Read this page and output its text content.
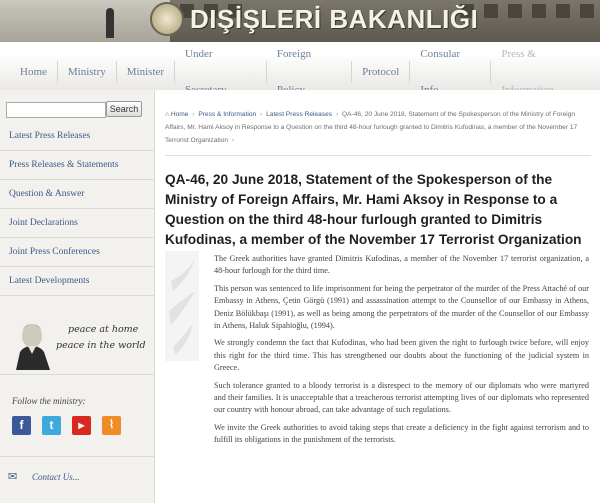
DIŞİŞLERİ BAKANLIĞI
Home	Ministry	Minister
Under	Foreign
Protocol
Consular	Press &
Search
Latest Press Releases
Press Releases & Statements
Question & Answer
Joint Declarations
Joint Press Conferences
Latest Developments
peace at home
peace in the world
Follow the ministry:
f	t	▶	⌇
✉ Contact Us...
⌂ Home › Press & Information › Latest Press Releases › QA-46, 20 June 2018, Statement of the Spokesperson of the Ministry of Foreign Affairs, Mr. Hami Aksoy in Response to a Question on the third 48-hour furlough granted to Dimitris Kufodinas, a member of the November 17 Terrorist Organization ›
QA-46, 20 June 2018, Statement of the Spokesperson of the Ministry of Foreign Affairs, Mr. Hami Aksoy in Response to a Question on the third 48-hour furlough granted to Dimitris Kufodinas, a member of the November 17 Terrorist Organization

The Greek authorities have granted Dimitris Kufodinas, a member of the November 17 terrorist organization, a 48-hour furlough for the third time.

This person was sentenced to life imprisonment for being the perpetrator of the murder of the Press Attaché of our Embassy in Athens, Çetin Görgü (1991) and assassination attempt to the Counsellor of our Embassy in Athens, Deniz Bölükbaşı (1991), as well as being among the perpetrators of the murder of the Counsellor of our Embassy in Athens, Haluk Sipahioğlu, (1994).

We strongly condemn the fact that Kufodinas, who had been given the right to furlough twice before, will enjoy this right for the third time. This has strengthened our doubts about the functioning of the judicial system in Greece.

Such tolerance granted to a bloody terrorist is a disrespect to the memory of our diplomats who were martyred and their families. It is unacceptable that a treacherous terrorist attempting lives of our diplomats who represented our country with honour abroad, can take advantage of such regulations.

We invite the Greek authorities to avoid taking steps that create a deficiency in the fight against terrorism and to fulfill its obligations in the punishment of the terrorists.
